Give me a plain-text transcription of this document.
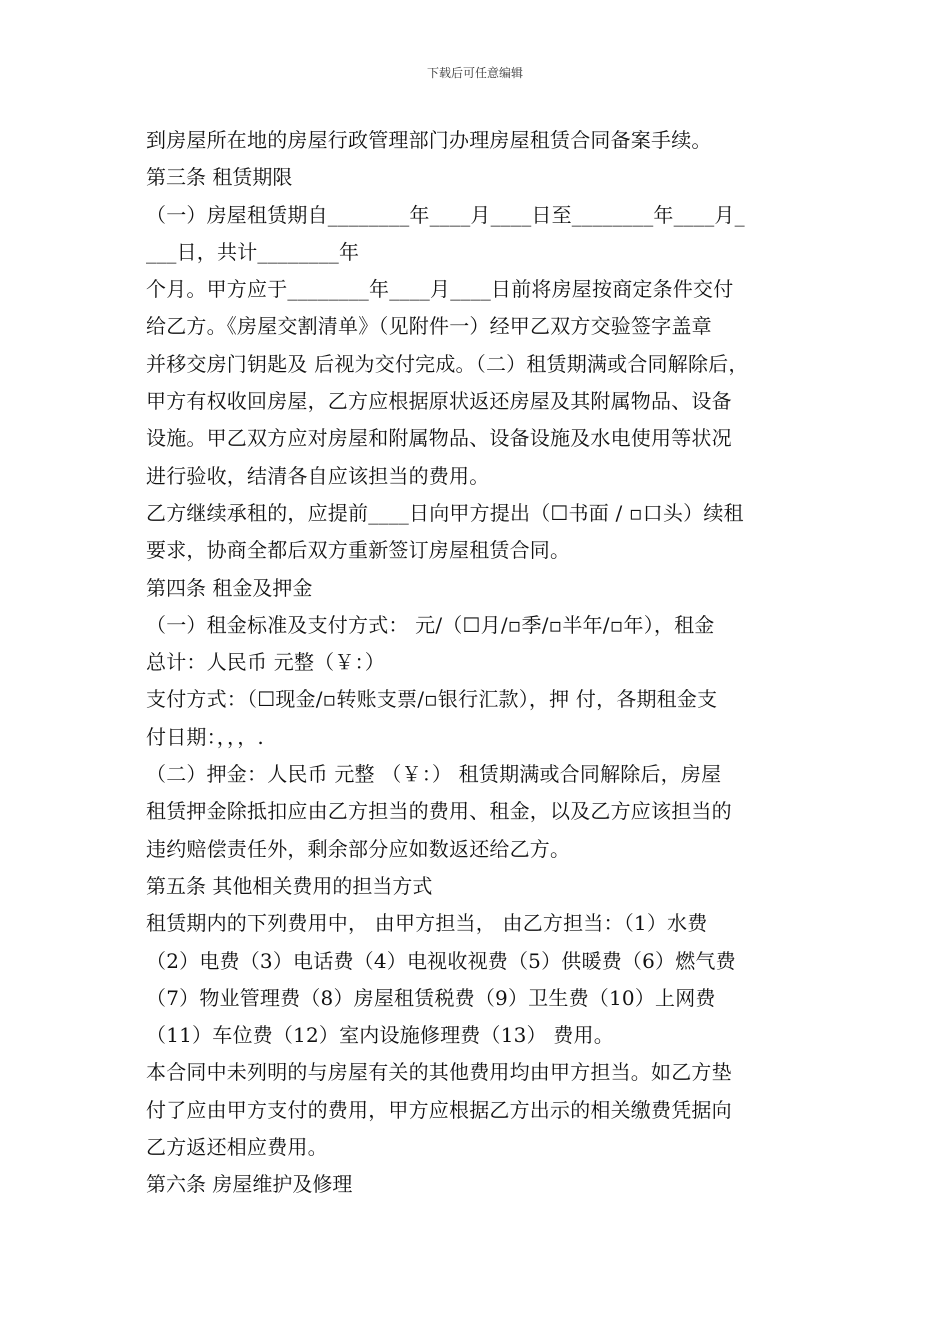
下载后可任意编辑
到房屋所在地的房屋行政管理部门办理房屋租赁合同备案手续。
第三条 租赁期限
（一）房屋租赁期自________年____月____日至________年____月_
___日，共计________年
个月。甲方应于________年____月____日前将房屋按商定条件交付
给乙方。《房屋交割清单》（见附件一）经甲乙双方交验签字盖章
并移交房门钥匙及 后视为交付完成。（二）租赁期满或合同解除后，
甲方有权收回房屋，乙方应根据原状返还房屋及其附属物品、设备
设施。甲乙双方应对房屋和附属物品、设备设施及水电使用等状况
进行验收，结清各自应该担当的费用。
乙方继续承租的，应提前____日向甲方提出（☐书面 / ▫口头）续租
要求，协商全都后双方重新签订房屋租赁合同。
第四条 租金及押金
（一）租金标准及支付方式： 元/（☐月/▫季/▫半年/▫年），租金
总计：人民币 元整（￥：）
支付方式：（☐现金/▫转账支票/▫银行汇款），押 付，各期租金支
付日期：，，，.
（二）押金：人民币 元整 （￥：） 租赁期满或合同解除后，房屋
租赁押金除抵扣应由乙方担当的费用、租金，以及乙方应该担当的
违约赔偿责任外，剩余部分应如数返还给乙方。
第五条 其他相关费用的担当方式
租赁期内的下列费用中， 由甲方担当， 由乙方担当：（1）水费
（2）电费（3）电话费（4）电视收视费（5）供暖费（6）燃气费
（7）物业管理费（8）房屋租赁税费（9）卫生费（10）上网费
（11）车位费（12）室内设施修理费（13） 费用。
本合同中未列明的与房屋有关的其他费用均由甲方担当。如乙方垫
付了应由甲方支付的费用，甲方应根据乙方出示的相关缴费凭据向
乙方返还相应费用。
第六条 房屋维护及修理
